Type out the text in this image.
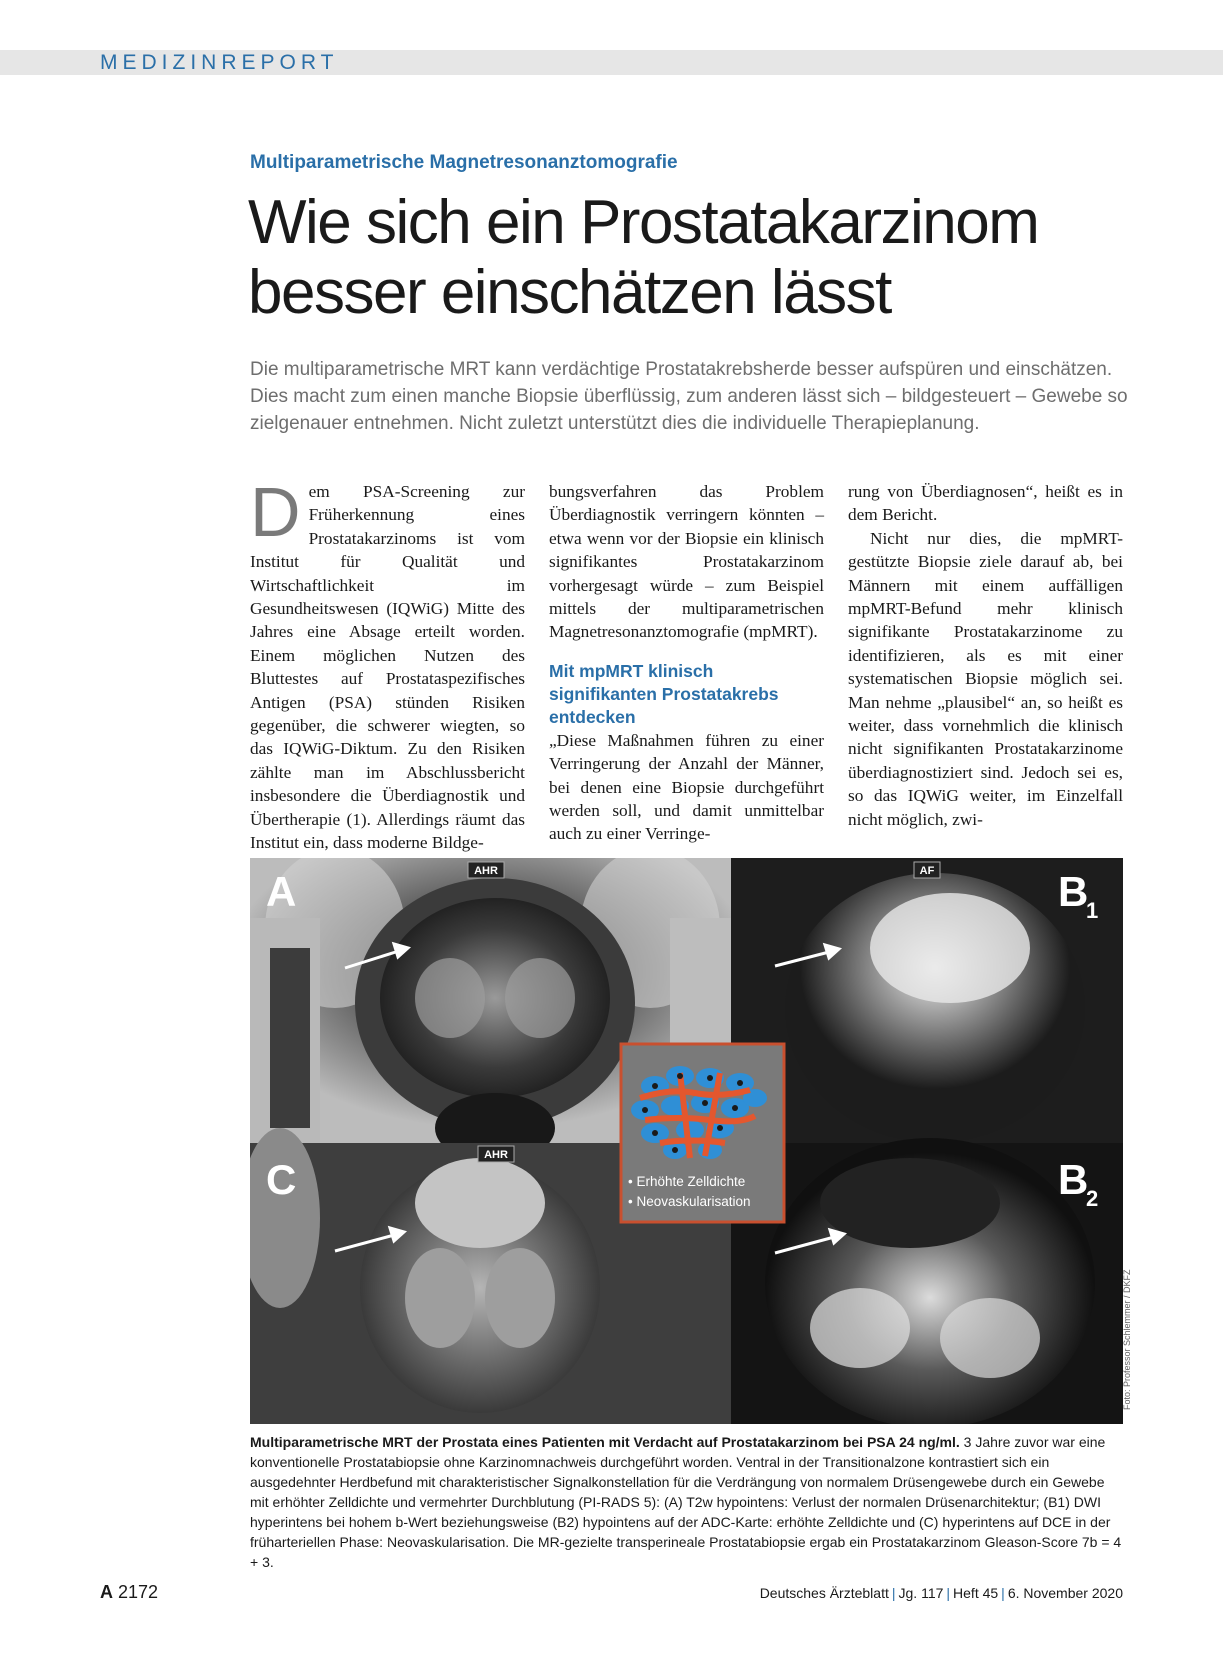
MEDIZINREPORT
Multiparametrische Magnetresonanztomografie
Wie sich ein Prostatakarzinom
besser einschätzen lässt
Die multiparametrische MRT kann verdächtige Prostatakrebsherde besser aufspüren und einschätzen. Dies macht zum einen manche Biopsie überflüssig, zum anderen lässt sich – bildgesteuert – Gewebe so zielgenauer entnehmen. Nicht zuletzt unterstützt dies die individuelle Therapieplanung.

Dem PSA-Screening zur Früherkennung eines Prostatakarzinoms ist vom Institut für Qualität und Wirtschaftlichkeit im Gesundheitswesen (IQWiG) Mitte des Jahres eine Absage erteilt worden. Einem möglichen Nutzen des Bluttestes auf Prostataspezifisches Antigen (PSA) stünden Risiken gegenüber, die schwerer wiegten, so das IQWiG-Diktum. Zu den Risiken zählte man im Abschlussbericht insbesondere die Überdiagnostik und Übertherapie (1). Allerdings räumt das Institut ein, dass moderne Bildge-

bungsverfahren das Problem Überdiagnostik verringern könnten – etwa wenn vor der Biopsie ein klinisch signifikantes Prostatakarzinom vorhergesagt würde – zum Beispiel mittels der multiparametrischen Magnetresonanztomografie (mpMRT).

Mit mpMRT klinisch signifikanten Prostatakrebs entdecken

„Diese Maßnahmen führen zu einer Verringerung der Anzahl der Männer, bei denen eine Biopsie durchgeführt werden soll, und damit unmittelbar auch zu einer Verringe-

rung von Überdiagnosen“, heißt es in dem Bericht.

Nicht nur dies, die mpMRT-gestützte Biopsie ziele darauf ab, bei Männern mit einem auffälligen mpMRT-Befund mehr klinisch signifikante Prostatakarzinome zu identifizieren, als es mit einer systematischen Biopsie möglich sei. Man nehme „plausibel“ an, so heißt es weiter, dass vornehmlich die klinisch nicht signifikanten Prostatakarzinome überdiagnostiziert sind. Jedoch sei es, so das IQWiG weiter, im Einzelfall nicht möglich, zwi-

AHR	AF
AHR
A	B
1
C	B
2
• Erhöhte Zelldichte
• Neovaskularisation
Foto: Professor Schlemmer / DKFZ
Multiparametrische MRT der Prostata eines Patienten mit Verdacht auf Prostatakarzinom bei PSA 24 ng/ml. 3 Jahre zuvor war eine konventionelle Prostatabiopsie ohne Karzinomnachweis durchgeführt worden. Ventral in der Transitionalzone kontrastiert sich ein ausgedehnter Herdbefund mit charakteristischer Signalkonstellation für die Verdrängung von normalem Drüsengewebe durch ein Gewebe mit erhöhter Zelldichte und vermehrter Durchblutung (PI-RADS 5): (A) T2w hypointens: Verlust der normalen Drüsenarchitektur; (B1) DWI hyperintens bei hohem b-Wert beziehungsweise (B2) hypointens auf der ADC-Karte: erhöhte Zelldichte und (C) hyperintens auf DCE in der früharteriellen Phase: Neovaskularisation. Die MR-gezielte transperineale Prostatabiopsie ergab ein Prostatakarzinom Gleason-Score 7b = 4 + 3.
A 2172	Deutsches Ärzteblatt | Jg. 117 | Heft 45 | 6. November 2020
